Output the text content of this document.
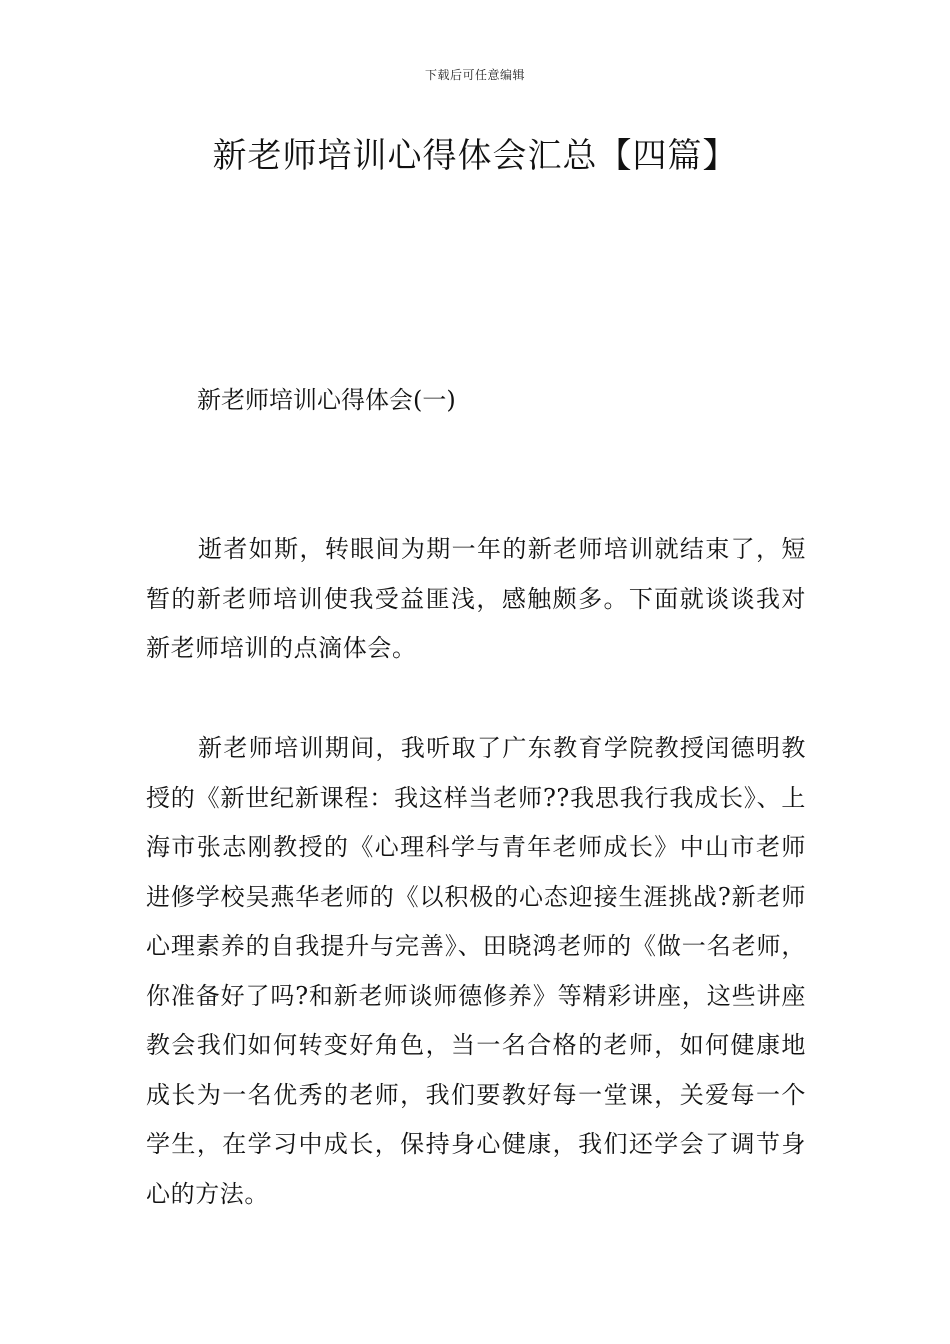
下载后可任意编辑
新老师培训心得体会汇总【四篇】
新老师培训心得体会(一)

逝者如斯，转眼间为期一年的新老师培训就结束了，短暂的新老师培训使我受益匪浅，感触颇多。下面就谈谈我对新老师培训的点滴体会。

新老师培训期间，我听取了广东教育学院教授闰德明教授的《新世纪新课程：我这样当老师??我思我行我成长》、上海市张志刚教授的《心理科学与青年老师成长》中山市老师进修学校吴燕华老师的《以积极的心态迎接生涯挑战?新老师心理素养的自我提升与完善》、田晓鸿老师的《做一名老师，你准备好了吗?和新老师谈师德修养》等精彩讲座，这些讲座教会我们如何转变好角色，当一名合格的老师，如何健康地成长为一名优秀的老师，我们要教好每一堂课，关爱每一个学生，在学习中成长，保持身心健康，我们还学会了调节身心的方法。
